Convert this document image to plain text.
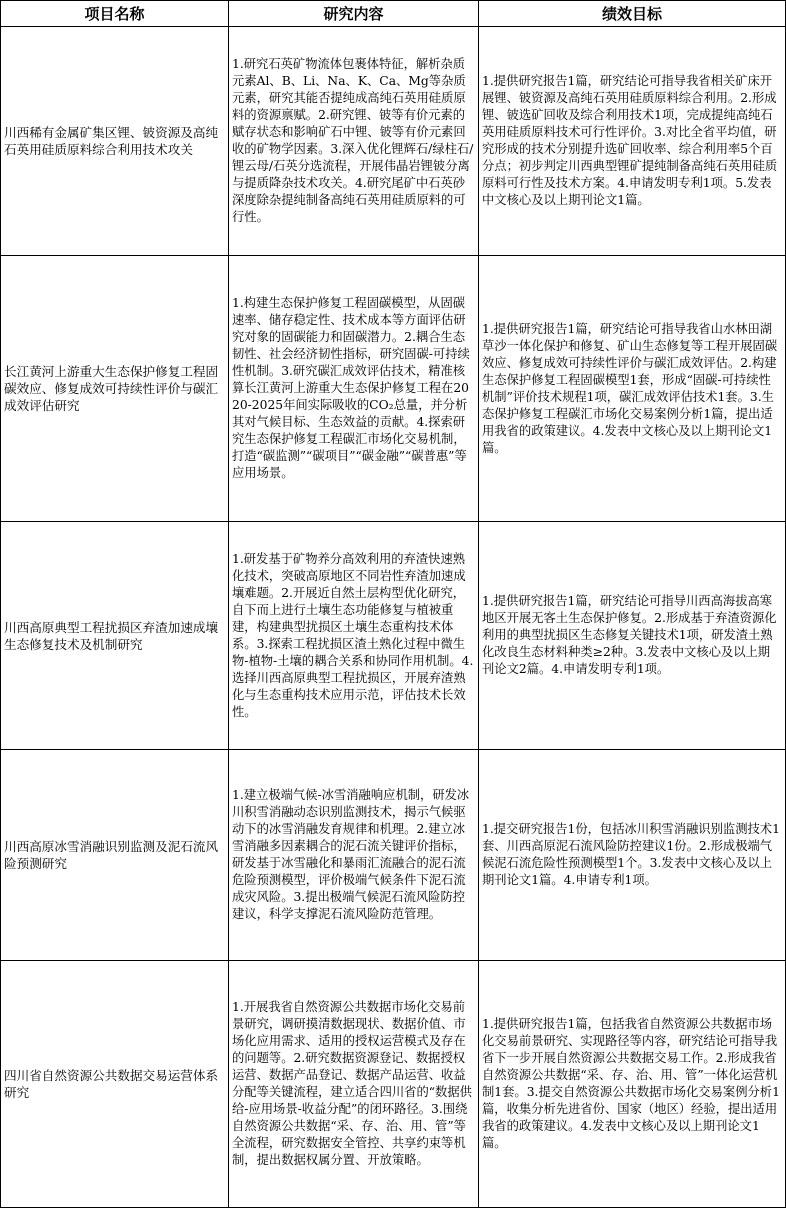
项目名称	研究内容	绩效目标
川西稀有金属矿集区锂、铍资源及高纯石英用硅质原料综合利用技术攻关	1.研究石英矿物流体包裹体特征，解析杂质元素Al、B、Li、Na、K、Ca、Mg等杂质元素，研究其能否提纯成高纯石英用硅质原料的资源禀赋。2.研究锂、铍等有价元素的赋存状态和影响矿石中锂、铍等有价元素回收的矿物学因素。3.深入优化锂辉石/绿柱石/锂云母/石英分选流程，开展伟晶岩锂铍分离与提质降杂技术攻关。4.研究尾矿中石英砂深度除杂提纯制备高纯石英用硅质原料的可行性。	1.提供研究报告1篇，研究结论可指导我省相关矿床开展锂、铍资源及高纯石英用硅质原料综合利用。2.形成锂、铍选矿回收及综合利用技术1项，完成提纯高纯石英用硅质原料技术可行性评价。3.对比全省平均值，研究形成的技术分别提升选矿回收率、综合利用率5个百分点；初步判定川西典型锂矿提纯制备高纯石英用硅质原料可行性及技术方案。4.申请发明专利1项。5.发表中文核心及以上期刊论文1篇。
长江黄河上游重大生态保护修复工程固碳效应、修复成效可持续性评价与碳汇成效评估研究	1.构建生态保护修复工程固碳模型，从固碳速率、储存稳定性、技术成本等方面评估研究对象的固碳能力和固碳潜力。2.耦合生态韧性、社会经济韧性指标，研究固碳-可持续性机制。3.研究碳汇成效评估技术，精准核算长江黄河上游重大生态保护修复工程在2020-2025年间实际吸收的CO₂总量，并分析其对气候目标、生态效益的贡献。4.探索研究生态保护修复工程碳汇市场化交易机制，打造“碳监测”“碳项目”“碳金融”“碳普惠”等应用场景。	1.提供研究报告1篇，研究结论可指导我省山水林田湖草沙一体化保护和修复、矿山生态修复等工程开展固碳效应、修复成效可持续性评价与碳汇成效评估。2.构建生态保护修复工程固碳模型1套，形成“固碳-可持续性机制”评价技术规程1项，碳汇成效评估技术1套。3.生态保护修复工程碳汇市场化交易案例分析1篇，提出适用我省的政策建议。4.发表中文核心及以上期刊论文1篇。
川西高原典型工程扰损区弃渣加速成壤生态修复技术及机制研究	1.研发基于矿物养分高效利用的弃渣快速熟化技术，突破高原地区不同岩性弃渣加速成壤难题。2.开展近自然土层构型优化研究，自下而上进行土壤生态功能修复与植被重建，构建典型扰损区土壤生态重构技术体系。3.探索工程扰损区渣土熟化过程中微生物-植物-土壤的耦合关系和协同作用机制。4.选择川西高原典型工程扰损区，开展弃渣熟化与生态重构技术应用示范，评估技术长效性。	1.提供研究报告1篇，研究结论可指导川西高海拔高寒地区开展无客土生态保护修复。2.形成基于弃渣资源化利用的典型扰损区生态修复关键技术1项，研发渣土熟化改良生态材料种类≥2种。3.发表中文核心及以上期刊论文2篇。4.申请发明专利1项。
川西高原冰雪消融识别监测及泥石流风险预测研究	1.建立极端气候-冰雪消融响应机制，研发冰川积雪消融动态识别监测技术，揭示气候驱动下的冰雪消融发育规律和机理。2.建立冰雪消融多因素耦合的泥石流关键评价指标，研发基于冰雪融化和暴雨汇流融合的泥石流危险预测模型，评价极端气候条件下泥石流成灾风险。3.提出极端气候泥石流风险防控建议，科学支撑泥石流风险防范管理。	1.提交研究报告1份，包括冰川积雪消融识别监测技术1套、川西高原泥石流风险防控建议1份。2.形成极端气候泥石流危险性预测模型1个。3.发表中文核心及以上期刊论文1篇。4.申请专利1项。
四川省自然资源公共数据交易运营体系研究	1.开展我省自然资源公共数据市场化交易前景研究，调研摸清数据现状、数据价值、市场化应用需求、适用的授权运营模式及存在的问题等。2.研究数据资源登记、数据授权运营、数据产品登记、数据产品运营、收益分配等关键流程，建立适合四川省的“数据供给-应用场景-收益分配”的闭环路径。3.围绕自然资源公共数据“采、存、治、用、管”等全流程，研究数据安全管控、共享约束等机制，提出数据权属分置、开放策略。	1.提供研究报告1篇，包括我省自然资源公共数据市场化交易前景研究、实现路径等内容，研究结论可指导我省下一步开展自然资源公共数据交易工作。2.形成我省自然资源公共数据“采、存、治、用、管”一体化运营机制1套。3.提交自然资源公共数据市场化交易案例分析1篇，收集分析先进省份、国家（地区）经验，提出适用我省的政策建议。4.发表中文核心及以上期刊论文1篇。
